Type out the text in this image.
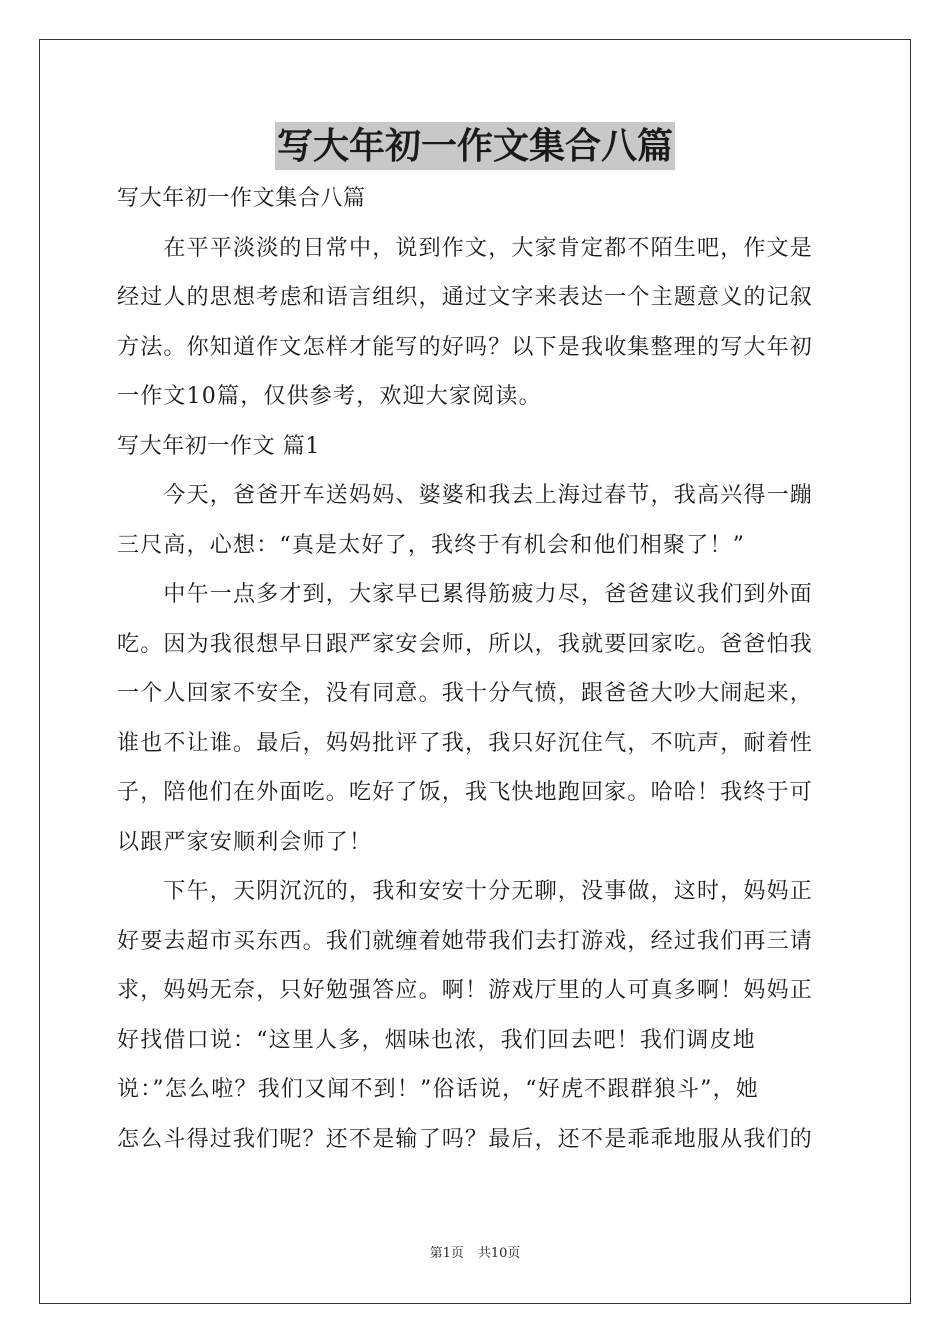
写大年初一作文集合八篇
写大年初一作文集合八篇
　　在平平淡淡的日常中，说到作文，大家肯定都不陌生吧，作文是
经过人的思想考虑和语言组织，通过文字来表达一个主题意义的记叙
方法。你知道作文怎样才能写的好吗？以下是我收集整理的写大年初
一作文10篇，仅供参考，欢迎大家阅读。
写大年初一作文 篇1
　　今天，爸爸开车送妈妈、婆婆和我去上海过春节，我高兴得一蹦
三尺高，心想：“真是太好了，我终于有机会和他们相聚了！”
　　中午一点多才到，大家早已累得筋疲力尽，爸爸建议我们到外面
吃。因为我很想早日跟严家安会师，所以，我就要回家吃。爸爸怕我
一个人回家不安全，没有同意。我十分气愤，跟爸爸大吵大闹起来，
谁也不让谁。最后，妈妈批评了我，我只好沉住气，不吭声，耐着性
子，陪他们在外面吃。吃好了饭，我飞快地跑回家。哈哈！我终于可
以跟严家安顺利会师了！
　　下午，天阴沉沉的，我和安安十分无聊，没事做，这时，妈妈正
好要去超市买东西。我们就缠着她带我们去打游戏，经过我们再三请
求，妈妈无奈，只好勉强答应。啊！游戏厅里的人可真多啊！妈妈正
好找借口说：“这里人多，烟味也浓，我们回去吧！我们调皮地
说：”怎么啦？我们又闻不到！”俗话说，“好虎不跟群狼斗”，她
怎么斗得过我们呢？还不是输了吗？最后，还不是乖乖地服从我们的
第1页 共10页
